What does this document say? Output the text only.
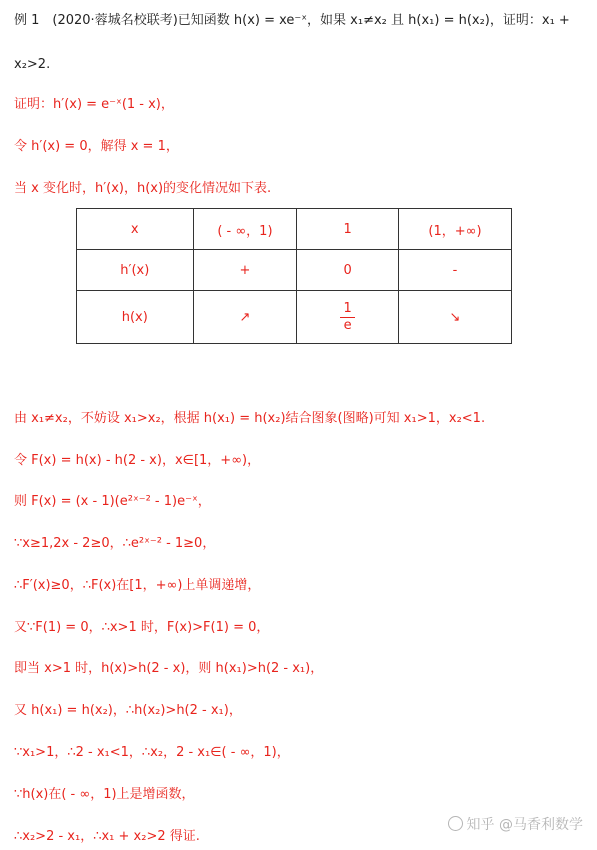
例 1　(2020·蓉城名校联考)已知函数 h(x) = xe⁻ˣ，如果 x₁≠x₂ 且 h(x₁) = h(x₂)，证明：x₁ +
x₂>2.
证明：h′(x) = e⁻ˣ(1 - x)，
令 h′(x) = 0，解得 x = 1，
当 x 变化时，h′(x)，h(x)的变化情况如下表.
x	( - ∞，1)	1	(1，+∞)
h′(x)	+	0	-
h(x)	↗	$\frac{1}{e}$	↘
由 x₁≠x₂，不妨设 x₁>x₂，根据 h(x₁) = h(x₂)结合图象(图略)可知 x₁>1，x₂<1.
令 F(x) = h(x) - h(2 - x)，x∈[1，+∞)，
则 F(x) = (x - 1)(e²ˣ⁻² - 1)e⁻ˣ，
∵x≥1,2x - 2≥0，∴e²ˣ⁻² - 1≥0，
∴F′(x)≥0，∴F(x)在[1，+∞)上单调递增，
又∵F(1) = 0，∴x>1 时，F(x)>F(1) = 0，
即当 x>1 时，h(x)>h(2 - x)，则 h(x₁)>h(2 - x₁)，
又 h(x₁) = h(x₂)，∴h(x₂)>h(2 - x₁)，
∵x₁>1，∴2 - x₁<1，∴x₂，2 - x₁∈( - ∞，1)，
∵h(x)在( - ∞，1)上是增函数，
∴x₂>2 - x₁，∴x₁ + x₂>2 得证.
知乎 @马香利数学
